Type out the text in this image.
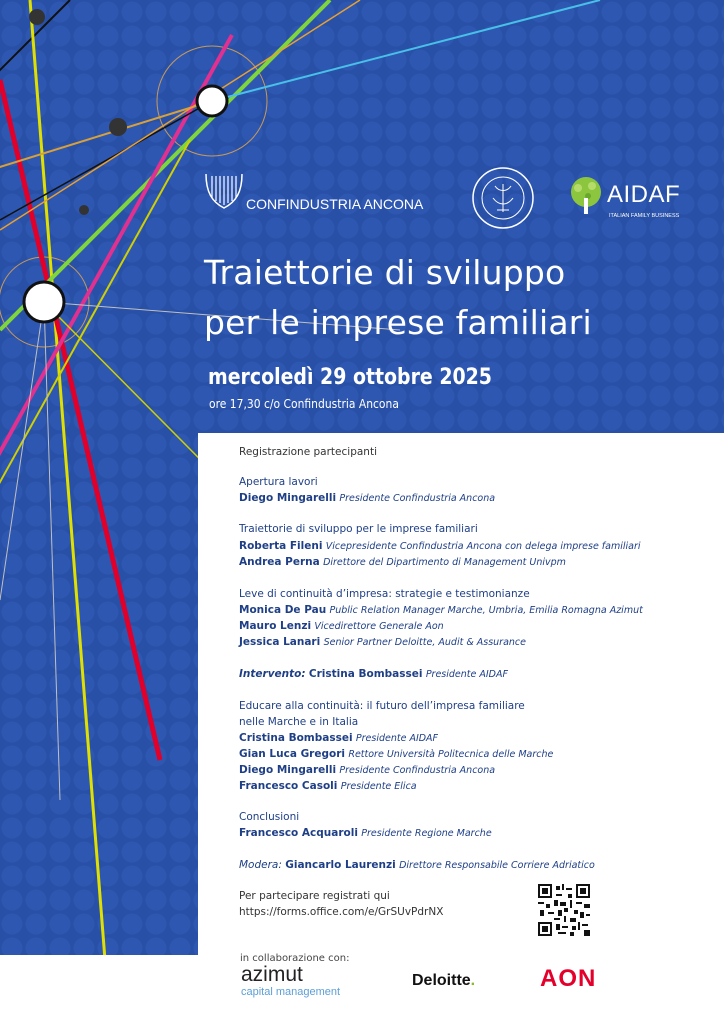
CONFINDUSTRIA ANCONA	AIDAF
ITALIAN FAMILY BUSINESS
Traiettorie di sviluppo
per le imprese familiari
mercoledì 29 ottobre 2025
ore 17,30 c/o Confindustria Ancona
Registrazione partecipanti
Apertura lavori
Diego Mingarelli Presidente Confindustria Ancona
Traiettorie di sviluppo per le imprese familiari
Roberta Fileni Vicepresidente Confindustria Ancona con delega imprese familiari
Andrea Perna Direttore del Dipartimento di Management Univpm
Leve di continuità d’impresa: strategie e testimonianze
Monica De Pau Public Relation Manager Marche, Umbria, Emilia Romagna Azimut
Mauro Lenzi Vicedirettore Generale Aon
Jessica Lanari Senior Partner Deloitte, Audit & Assurance
Intervento: Cristina Bombassei Presidente AIDAF
Educare alla continuità: il futuro dell’impresa familiare
nelle Marche e in Italia
Cristina Bombassei Presidente AIDAF
Gian Luca Gregori Rettore Università Politecnica delle Marche
Diego Mingarelli Presidente Confindustria Ancona
Francesco Casoli Presidente Elica
Conclusioni
Francesco Acquaroli Presidente Regione Marche
Modera: Giancarlo Laurenzi Direttore Responsabile Corriere Adriatico
Per partecipare registrati qui
https://forms.office.com/e/GrSUvPdrNX
in collaborazione con:
azimut
capital management
Deloitte.	AON
